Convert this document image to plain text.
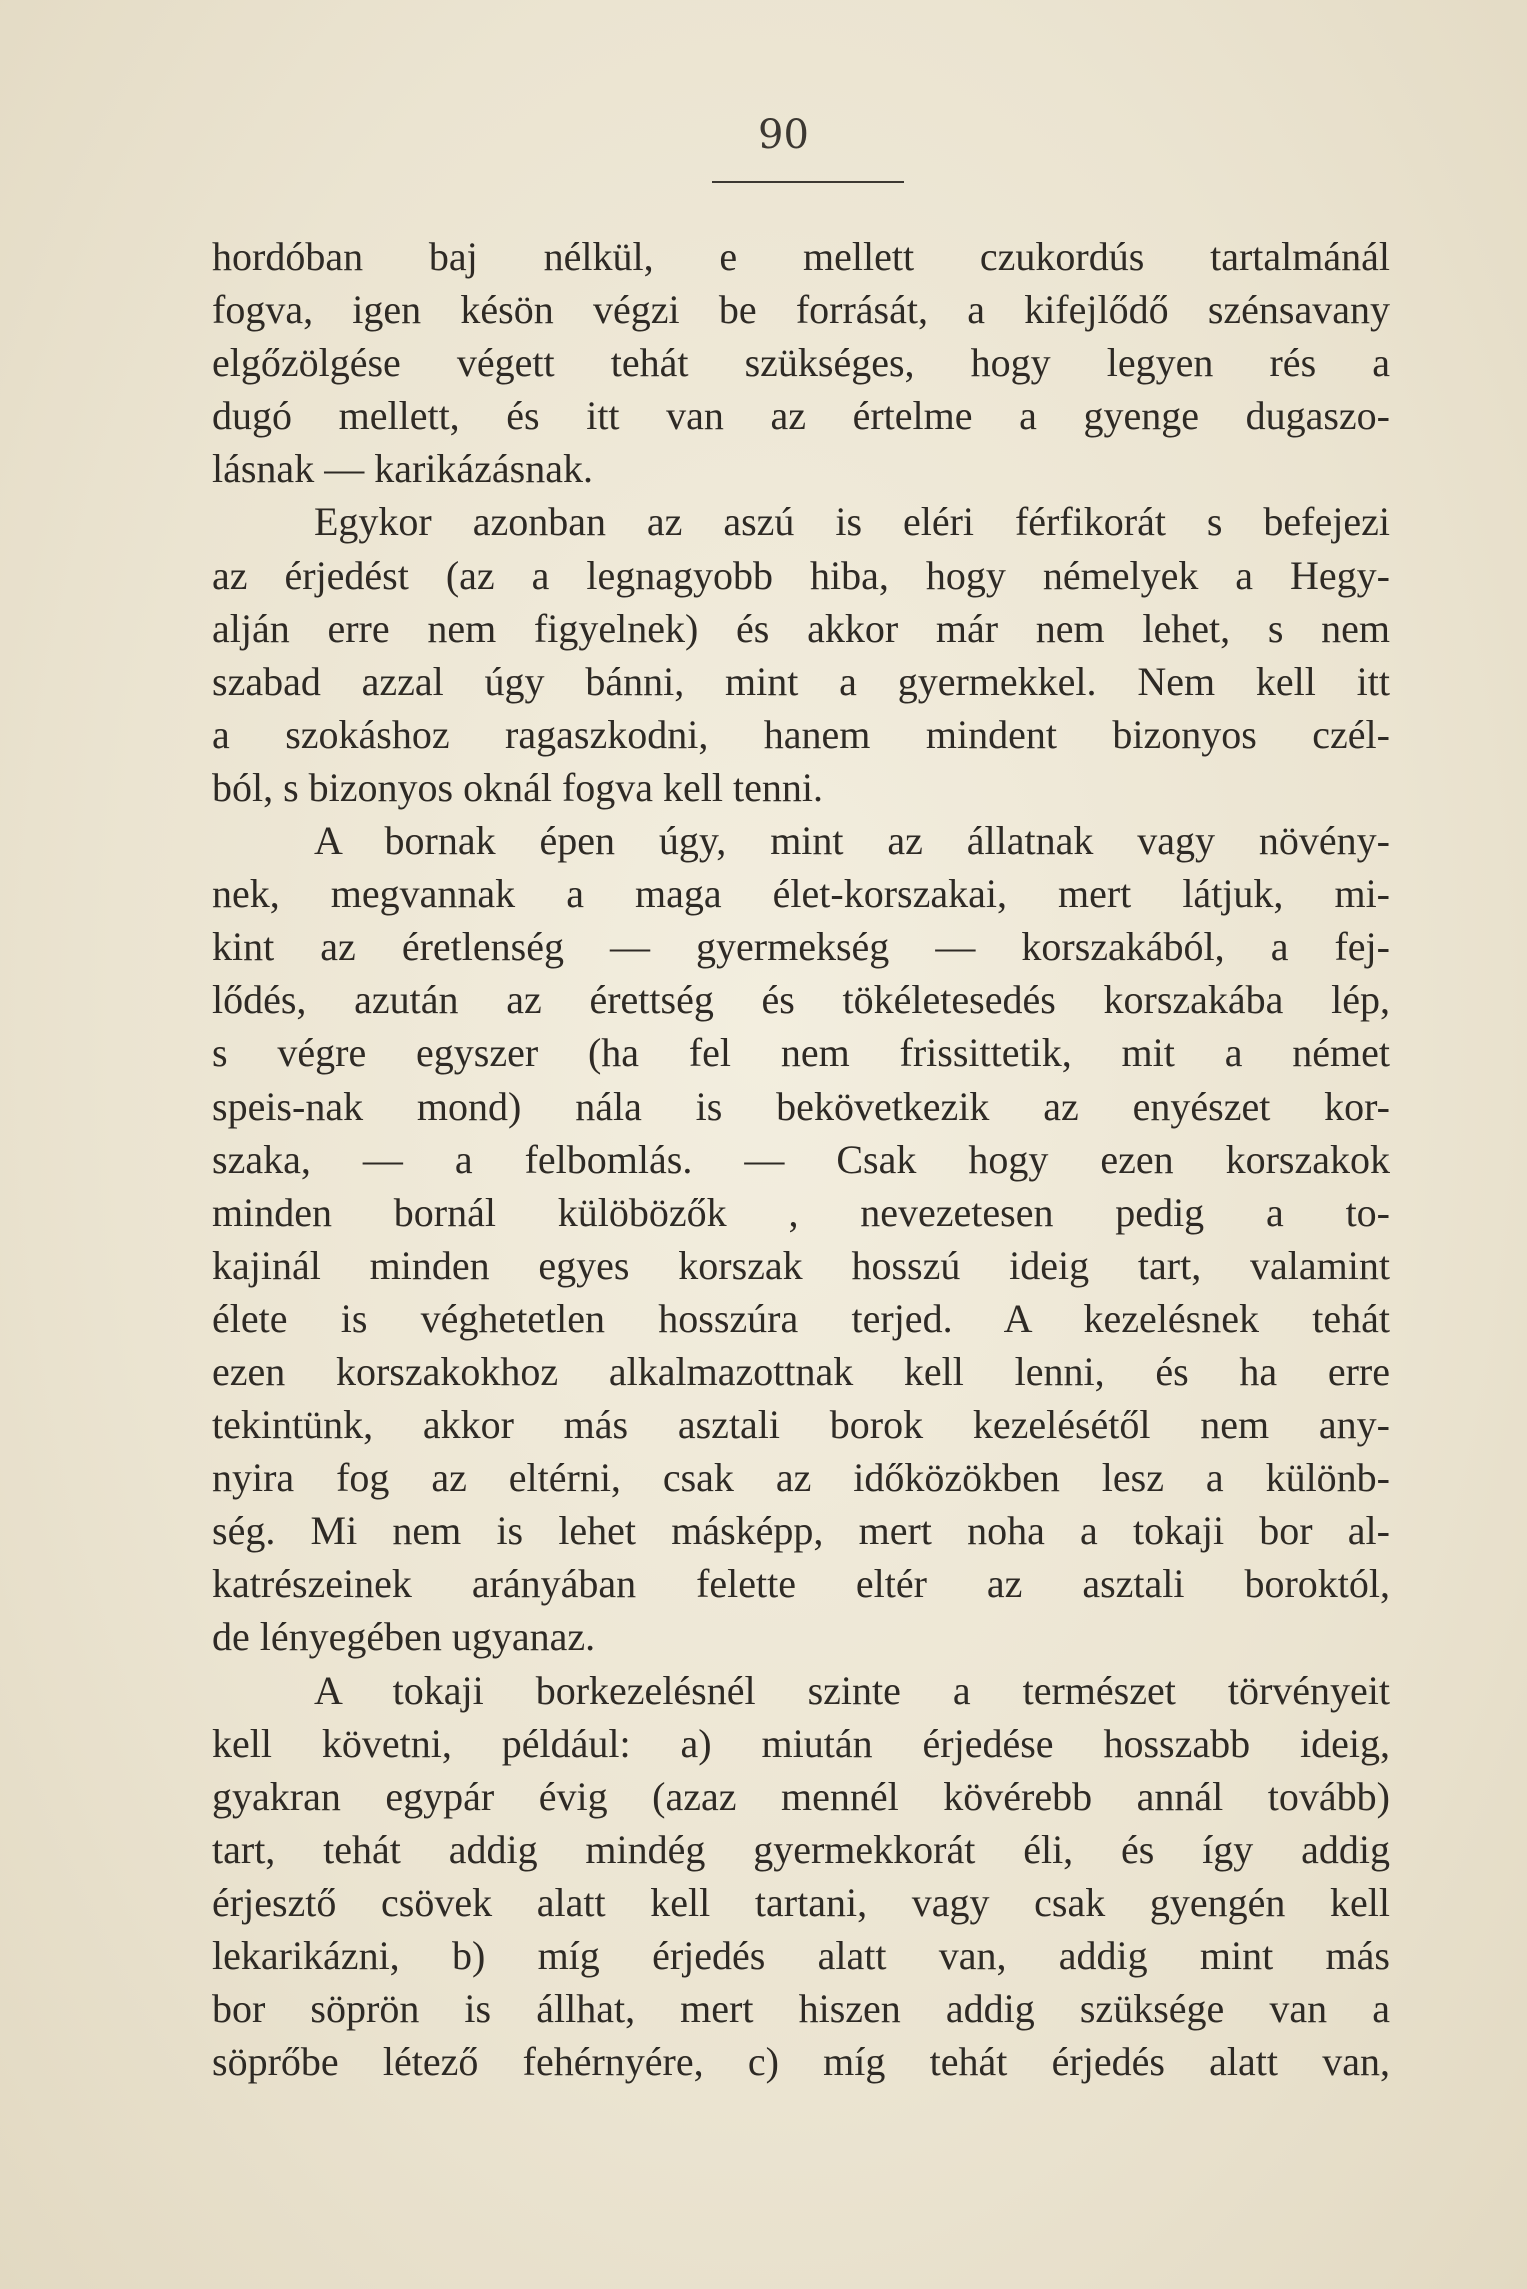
90
hordóban baj nélkül, e mellett czukordús tartalmánál
fogva, igen késön végzi be forrását, a kifejlődő szénsavany
elgőzölgése végett tehát szükséges, hogy legyen rés a
dugó mellett, és itt van az értelme a gyenge dugaszo-
lásnak — karikázásnak.
Egykor azonban az aszú is eléri férfikorát s befejezi
az érjedést (az a legnagyobb hiba, hogy némelyek a Hegy-
alján erre nem figyelnek) és akkor már nem lehet, s nem
szabad azzal úgy bánni, mint a gyermekkel. Nem kell itt
a szokáshoz ragaszkodni, hanem mindent bizonyos czél-
ból, s bizonyos oknál fogva kell tenni.
A bornak épen úgy, mint az állatnak vagy növény-
nek, megvannak a maga élet-korszakai, mert látjuk, mi-
kint az éretlenség — gyermekség — korszakából, a fej-
lődés, azután az érettség és tökéletesedés korszakába lép,
s végre egyszer (ha fel nem frissittetik, mit a német
speis-nak mond) nála is bekövetkezik az enyészet kor-
szaka, — a felbomlás. — Csak hogy ezen korszakok
minden bornál külöbözők , nevezetesen pedig a to-
kajinál minden egyes korszak hosszú ideig tart, valamint
élete is véghetetlen hosszúra terjed. A kezelésnek tehát
ezen korszakokhoz alkalmazottnak kell lenni, és ha erre
tekintünk, akkor más asztali borok kezelésétől nem any-
nyira fog az eltérni, csak az időközökben lesz a különb-
ség. Mi nem is lehet másképp, mert noha a tokaji bor al-
katrészeinek arányában felette eltér az asztali boroktól,
de lényegében ugyanaz.
A tokaji borkezelésnél szinte a természet törvényeit
kell követni, például: a) miután érjedése hosszabb ideig,
gyakran egypár évig (azaz mennél kövérebb annál tovább)
tart, tehát addig mindég gyermekkorát éli, és így addig
érjesztő csövek alatt kell tartani, vagy csak gyengén kell
lekarikázni, b) míg érjedés alatt van, addig mint más
bor söprön is állhat, mert hiszen addig szüksége van a
söprőbe létező fehérnyére, c) míg tehát érjedés alatt van,
